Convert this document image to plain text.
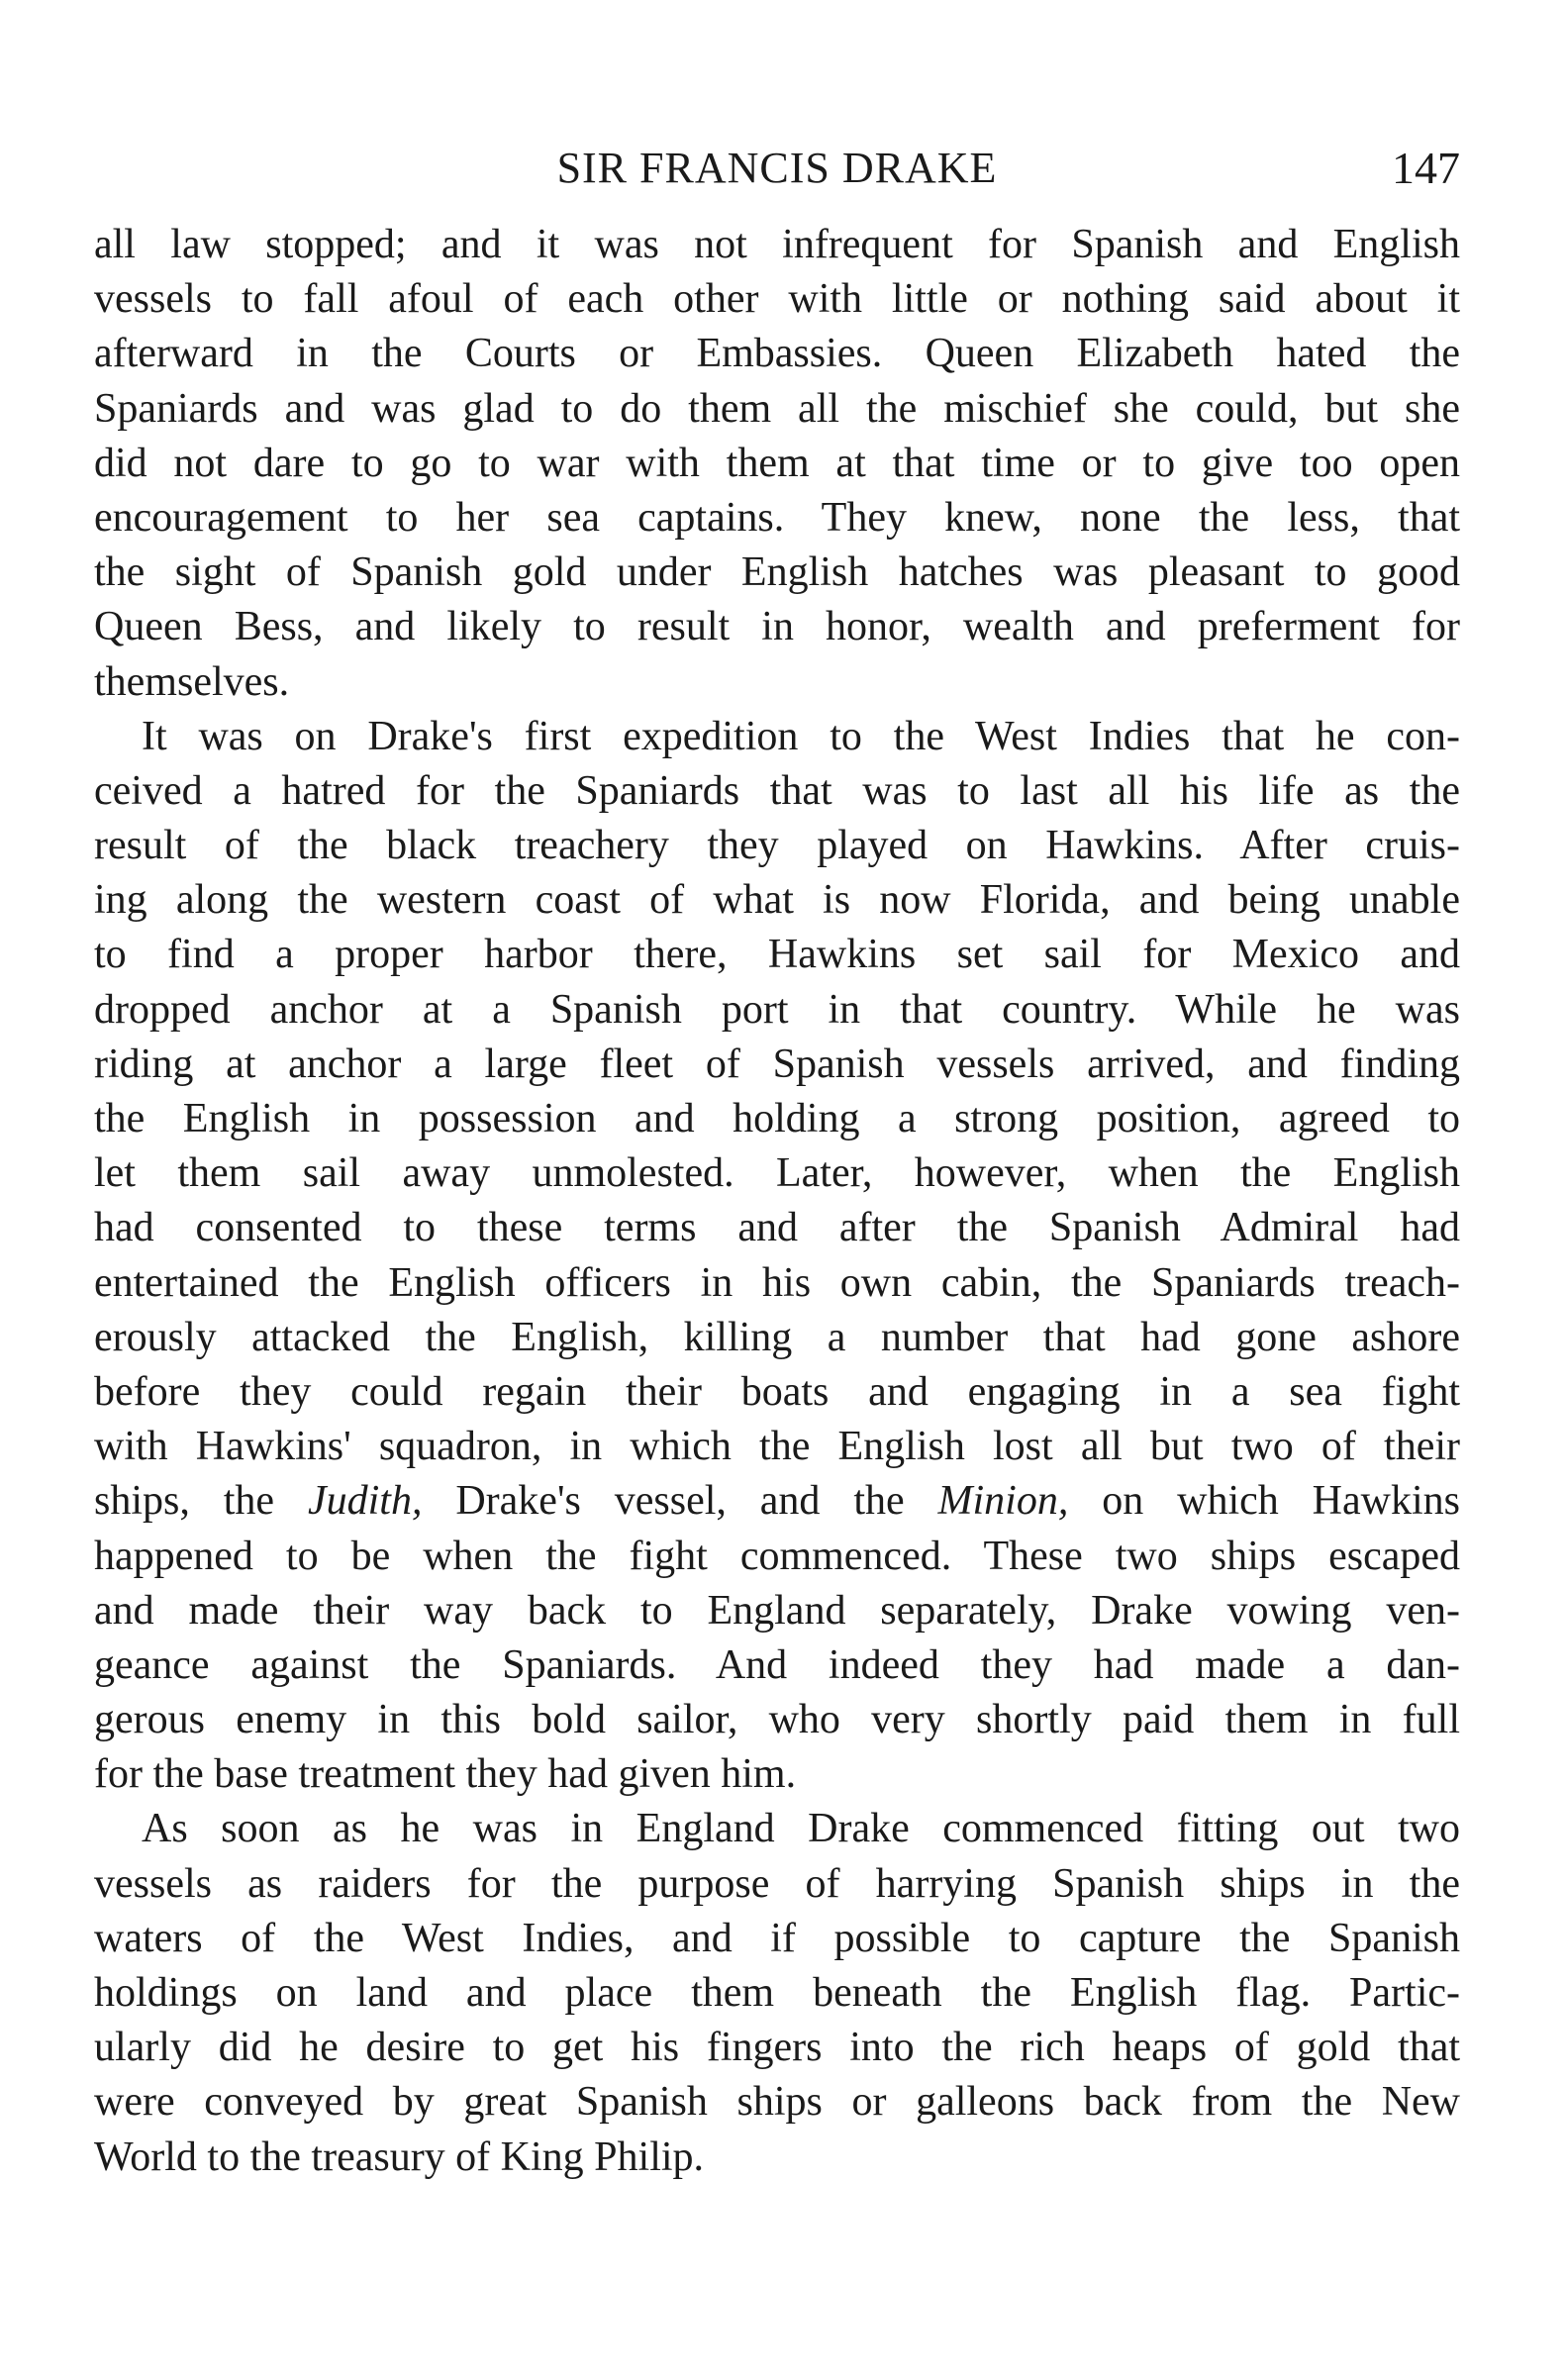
SIR FRANCIS DRAKE	147
all law stopped; and it was not infrequent for Spanish and English
vessels to fall afoul of each other with little or nothing said about it
afterward in the Courts or Embassies. Queen Elizabeth hated the
Spaniards and was glad to do them all the mischief she could, but she
did not dare to go to war with them at that time or to give too open
encouragement to her sea captains. They knew, none the less, that
the sight of Spanish gold under English hatches was pleasant to good
Queen Bess, and likely to result in honor, wealth and preferment for
themselves.
It was on Drake's first expedition to the West Indies that he con-
ceived a hatred for the Spaniards that was to last all his life as the
result of the black treachery they played on Hawkins. After cruis-
ing along the western coast of what is now Florida, and being unable
to find a proper harbor there, Hawkins set sail for Mexico and
dropped anchor at a Spanish port in that country. While he was
riding at anchor a large fleet of Spanish vessels arrived, and finding
the English in possession and holding a strong position, agreed to
let them sail away unmolested. Later, however, when the English
had consented to these terms and after the Spanish Admiral had
entertained the English officers in his own cabin, the Spaniards treach-
erously attacked the English, killing a number that had gone ashore
before they could regain their boats and engaging in a sea fight
with Hawkins' squadron, in which the English lost all but two of their
ships, the Judith, Drake's vessel, and the Minion, on which Hawkins
happened to be when the fight commenced. These two ships escaped
and made their way back to England separately, Drake vowing ven-
geance against the Spaniards. And indeed they had made a dan-
gerous enemy in this bold sailor, who very shortly paid them in full
for the base treatment they had given him.
As soon as he was in England Drake commenced fitting out two
vessels as raiders for the purpose of harrying Spanish ships in the
waters of the West Indies, and if possible to capture the Spanish
holdings on land and place them beneath the English flag. Partic-
ularly did he desire to get his fingers into the rich heaps of gold that
were conveyed by great Spanish ships or galleons back from the New
World to the treasury of King Philip.
